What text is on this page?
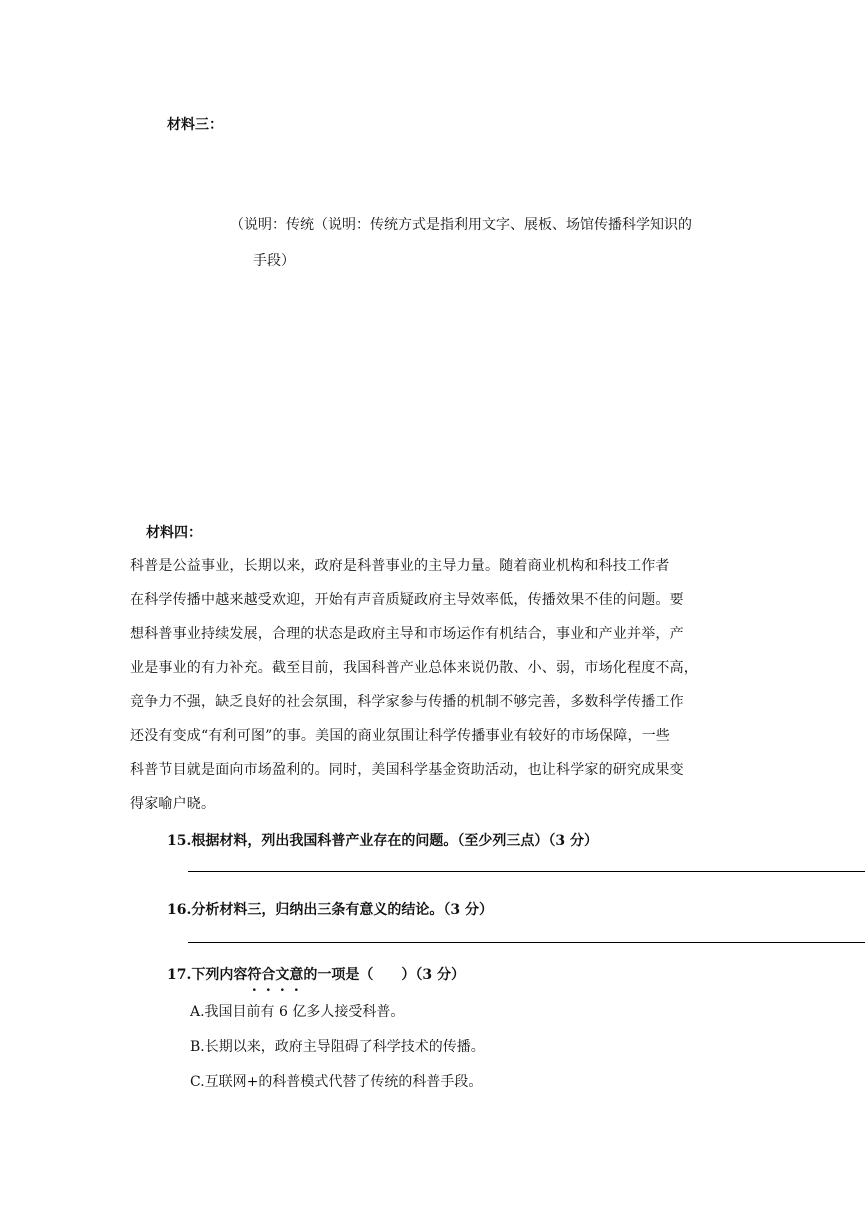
材料三：
（说明：传统（说明：传统方式是指利用文字、展板、场馆传播科学知识的
手段）
材料四：
科普是公益事业，长期以来，政府是科普事业的主导力量。随着商业机构和科技工作者
在科学传播中越来越受欢迎，开始有声音质疑政府主导效率低，传播效果不佳的问题。要
想科普事业持续发展，合理的状态是政府主导和市场运作有机结合，事业和产业并举，产
业是事业的有力补充。截至目前，我国科普产业总体来说仍散、小、弱，市场化程度不高，
竞争力不强，缺乏良好的社会氛围，科学家参与传播的机制不够完善，多数科学传播工作
还没有变成“有利可图”的事。美国的商业氛围让科学传播事业有较好的市场保障，一些
科普节目就是面向市场盈利的。同时，美国科学基金资助活动，也让科学家的研究成果变
得家喻户晓。
15.根据材料，列出我国科普产业存在的问题。（至少列三点）（3 分）
16.分析材料三，归纳出三条有意义的结论。（3 分）
17.下列内容符合文意的一项是（　　）（3 分）
A.我国目前有 6 亿多人接受科普。
B.长期以来，政府主导阻碍了科学技术的传播。
C.互联网+的科普模式代替了传统的科普手段。
